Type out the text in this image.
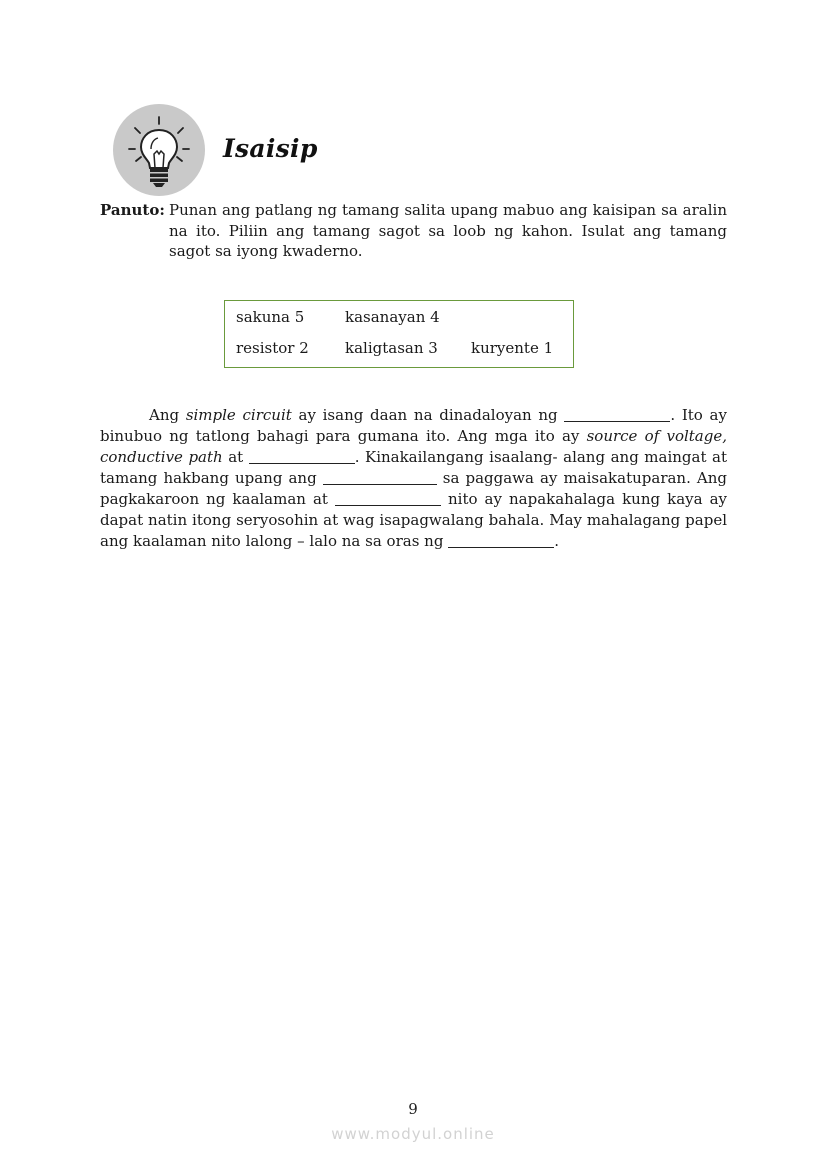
Isaisip
Panuto: Punan ang patlang ng tamang salita upang mabuo ang kaisipan sa aralin na ito. Piliin ang tamang sagot sa loob ng kahon. Isulat ang tamang sagot sa iyong kwaderno.
sakuna 5	kasanayan 4
resistor 2 kaligtasan 3 kuryente 1
Ang simple circuit ay isang daan na dinadaloyan ng	. Ito ay binubuo ng tatlong bahagi para gumana ito. Ang mga ito ay source of voltage, conductive path at	. Kinakailangang isaalang- alang ang maingat at tamang hakbang upang ang	sa paggawa ay maisakatuparan. Ang pagkakaroon ng kaalaman at	nito ay napakahalaga kung kaya ay dapat natin itong seryosohin at wag isapagwalang bahala. May mahalagang papel ang kaalaman nito lalong – lalo na sa oras ng	.
9
www.modyul.online
